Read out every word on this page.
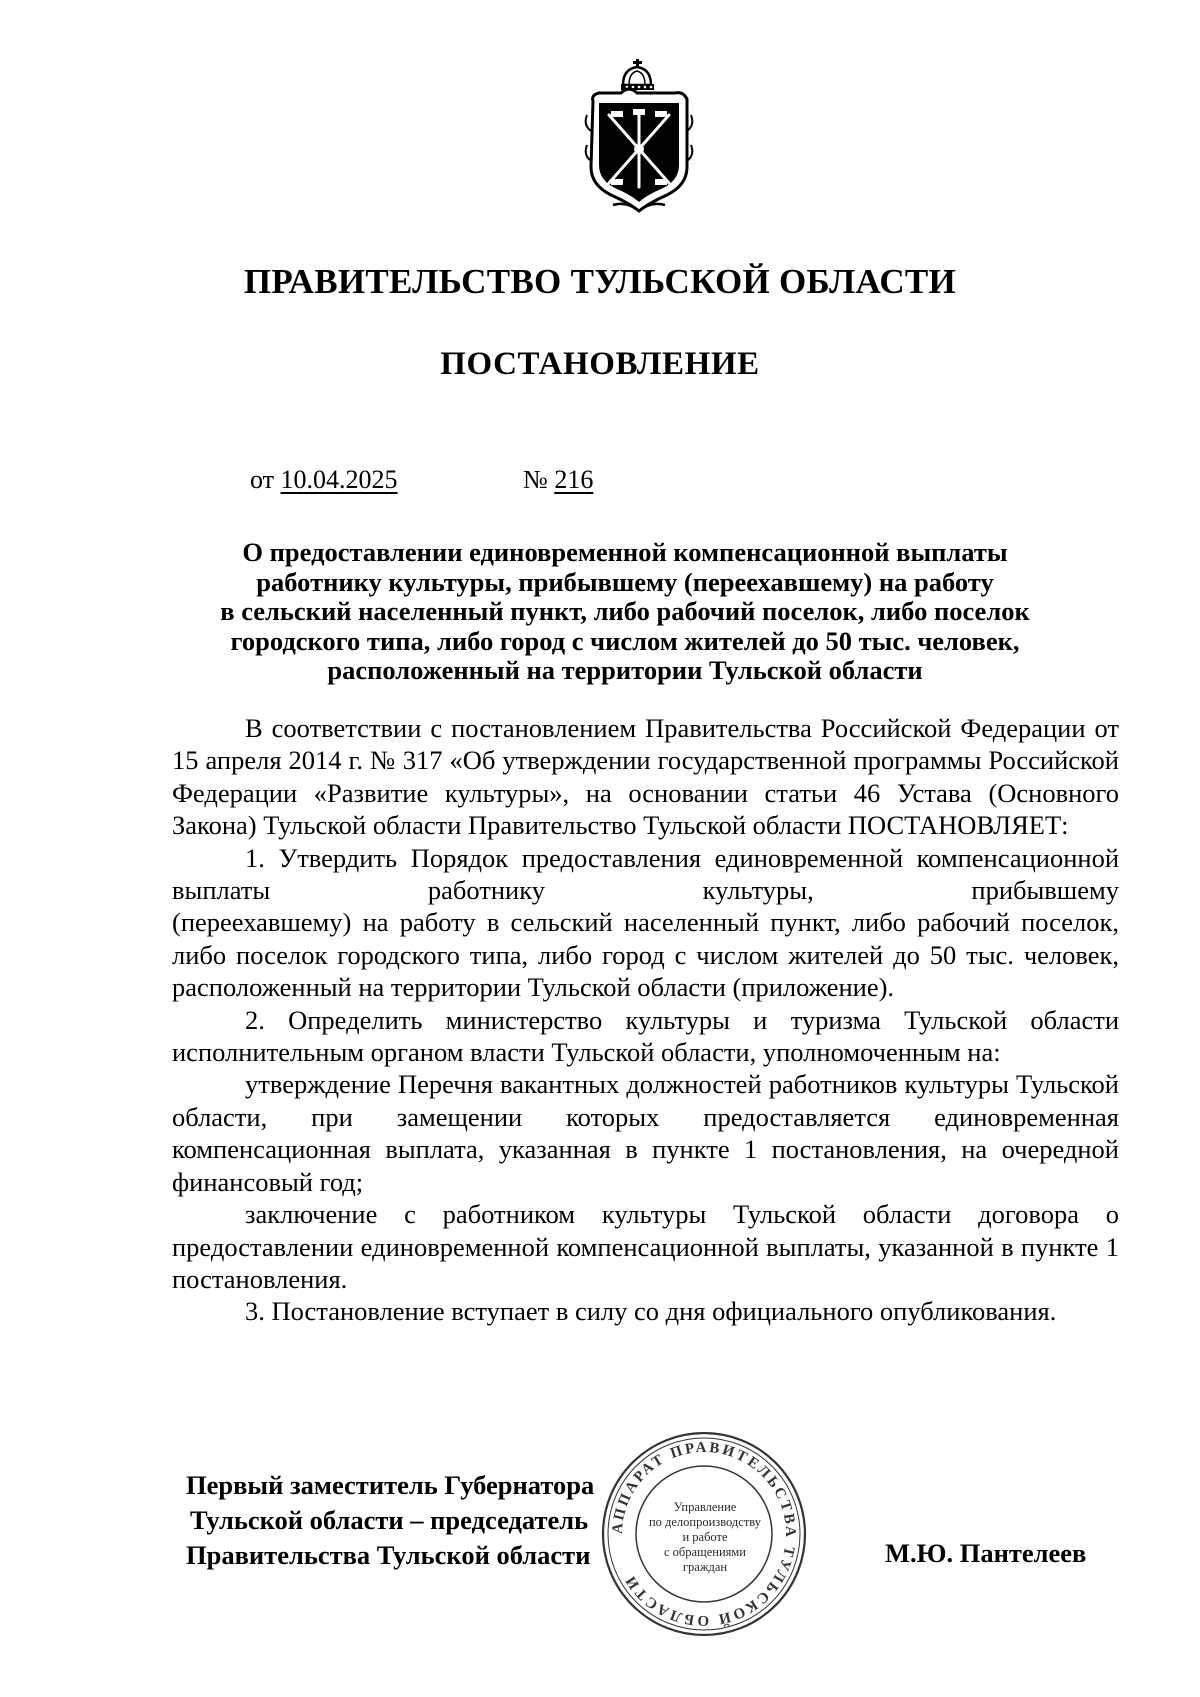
ПРАВИТЕЛЬСТВО ТУЛЬСКОЙ ОБЛАСТИ
ПОСТАНОВЛЕНИЕ
от 10.04.2025	№ 216
О предоставлении единовременной компенсационной выплаты
работнику культуры, прибывшему (переехавшему) на работу
в сельский населенный пункт, либо рабочий поселок, либо поселок
городского типа, либо город с числом жителей до 50 тыс. человек,
расположенный на территории Тульской области

В соответствии с постановлением Правительства Российской Федерации от 15 апреля 2014 г. № 317 «Об утверждении государственной программы Российской Федерации «Развитие культуры», на основании статьи 46 Устава (Основного Закона) Тульской области Правительство Тульской области ПОСТАНОВЛЯЕТ:

1. Утвердить Порядок предоставления единовременной компенсационной выплаты работнику культуры, прибывшему

(переехавшему) на работу в сельский населенный пункт, либо рабочий поселок, либо поселок городского типа, либо город с числом жителей до 50 тыс. человек, расположенный на территории Тульской области (приложение).

2. Определить министерство культуры и туризма Тульской области исполнительным органом власти Тульской области, уполномоченным на:

утверждение Перечня вакантных должностей работников культуры Тульской области, при замещении которых предоставляется единовременная компенсационная выплата, указанная в пункте 1 постановления, на очередной финансовый год;

заключение с работником культуры Тульской области договора о предоставлении единовременной компенсационной выплаты, указанной в пункте 1 постановления.

3. Постановление вступает в силу со дня официального опубликования.

Первый заместитель Губернатора
Тульской области – председатель
Правительства Тульской области	М.Ю. Пантелеев
АППАРАТ ПРАВИТЕЛЬСТВА ТУЛЬСКОЙ ОБЛАСТИ
Управление
по делопроизводству
и работе
с обращениями
граждан
